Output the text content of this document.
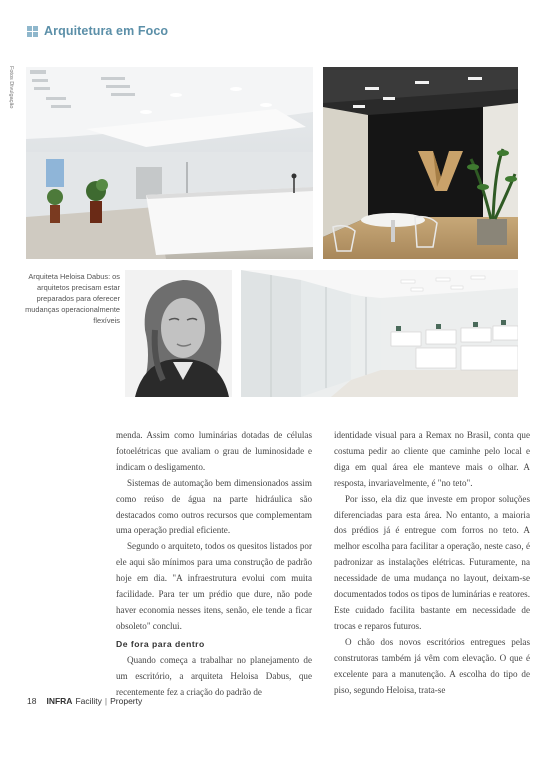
Arquitetura em Foco
Fotos Divulgação
Arquiteta Heloisa Dabus: os arquitetos precisam estar preparados para oferecer mudanças operacionalmente flexíveis

menda. Assim como luminárias dotadas de células fotoelétricas que avaliam o grau de luminosidade e indicam o desligamento.

Sistemas de automação bem dimensionados assim como reúso de água na parte hidráulica são destacados como outros recursos que complementam uma operação predial eficiente.

Segundo o arquiteto, todos os quesitos listados por ele aqui são mínimos para uma construção de padrão hoje em dia. "A infraestrutura evolui com muita facilidade. Para ter um prédio que dure, não pode haver economia nesses itens, senão, ele tende a ficar obsoleto" conclui.

De fora para dentro

Quando começa a trabalhar no planejamento de um escritório, a arquiteta Heloisa Dabus, que recentemente fez a criação do padrão de

identidade visual para a Remax no Brasil, conta que costuma pedir ao cliente que caminhe pelo local e diga em qual área ele manteve mais o olhar. A resposta, invariavelmente, é "no teto".

Por isso, ela diz que investe em propor soluções diferenciadas para esta área. No entanto, a maioria dos prédios já é entregue com forros no teto. A melhor escolha para facilitar a operação, neste caso, é padronizar as instalações elétricas. Futuramente, na necessidade de uma mudança no layout, deixam-se documentados todos os tipos de luminárias e reatores. Este cuidado facilita bastante em necessidade de trocas e reparos futuros.

O chão dos novos escritórios entregues pelas construtoras também já vêm com elevação. O que é excelente para a manutenção. A escolha do tipo de piso, segundo Heloisa, trata-se

18 INFRA Facility | Property
